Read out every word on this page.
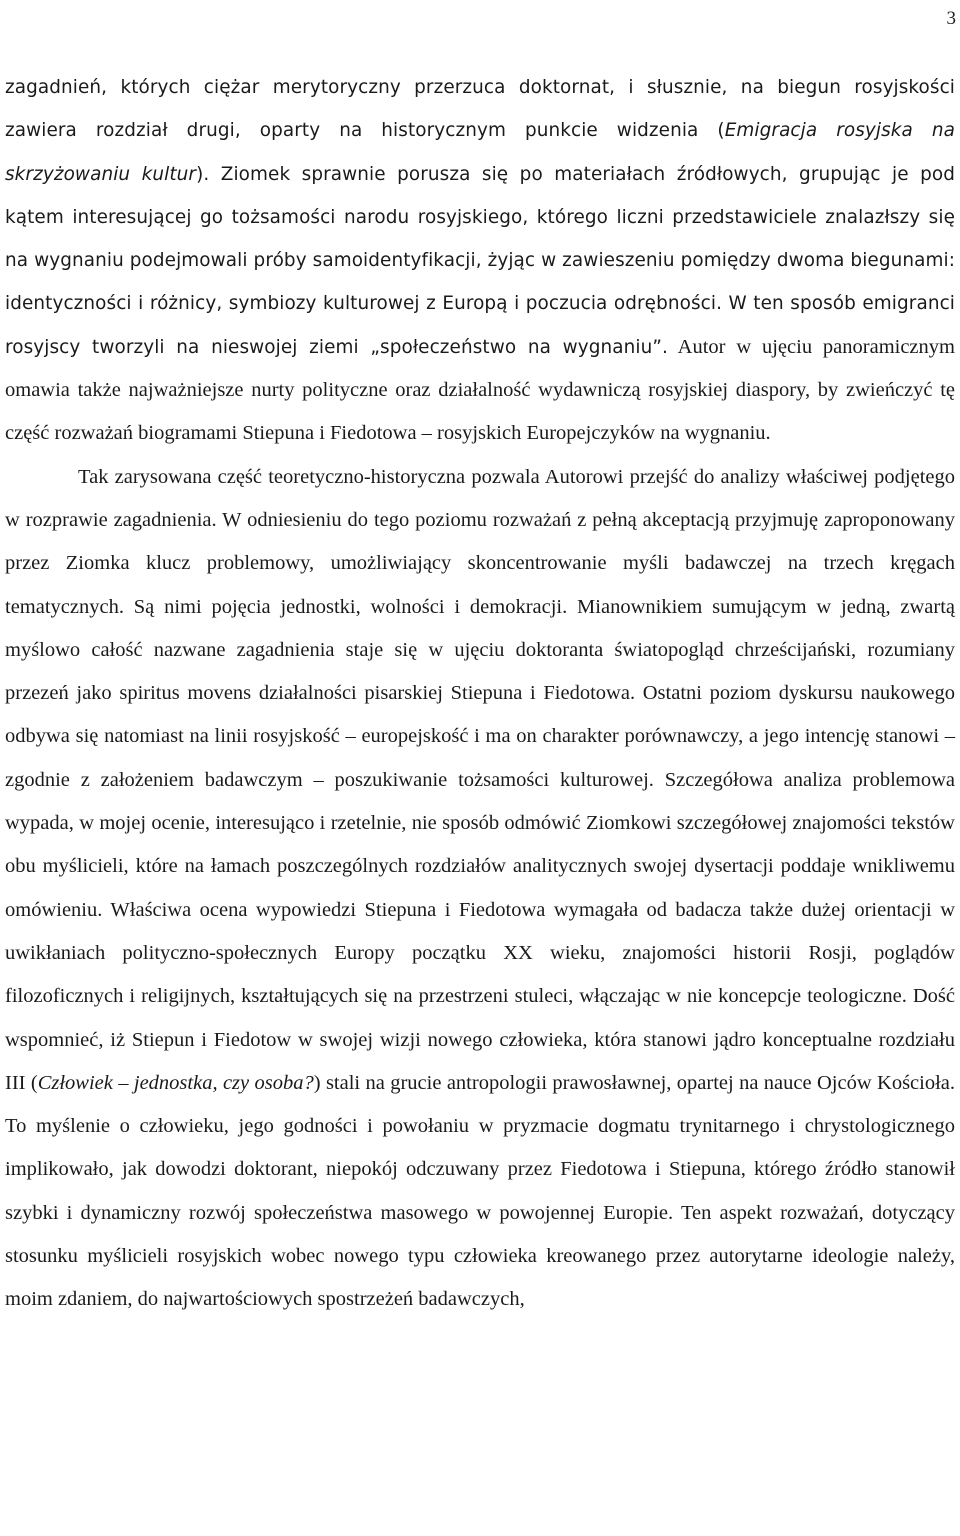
3

zagadnień, których ciężar merytoryczny przerzuca doktornat, i słusznie, na biegun rosyjskości zawiera rozdział drugi, oparty na historycznym punkcie widzenia (Emigracja rosyjska na skrzyżowaniu kultur). Ziomek sprawnie porusza się po materiałach źródłowych, grupując je pod kątem interesującej go tożsamości narodu rosyjskiego, którego liczni przedstawiciele znalazłszy się na wygnaniu podejmowali próby samoidentyfikacji, żyjąc w zawieszeniu pomiędzy dwoma biegunami: identyczności i różnicy, symbiozy kulturowej z Europą i poczucia odrębności. W ten sposób emigranci rosyjscy tworzyli na nieswojej ziemi „społeczeństwo na wygnaniu”. Autor w ujęciu panoramicznym omawia także najważniejsze nurty polityczne oraz działalność wydawniczą rosyjskiej diaspory, by zwieńczyć tę część rozważań biogramami Stiepuna i Fiedotowa – rosyjskich Europejczyków na wygnaniu.

Tak zarysowana część teoretyczno-historyczna pozwala Autorowi przejść do analizy właściwej podjętego w rozprawie zagadnienia. W odniesieniu do tego poziomu rozważań z pełną akceptacją przyjmuję zaproponowany przez Ziomka klucz problemowy, umożliwiający skoncentrowanie myśli badawczej na trzech kręgach tematycznych. Są nimi pojęcia jednostki, wolności i demokracji. Mianownikiem sumującym w jedną, zwartą myślowo całość nazwane zagadnienia staje się w ujęciu doktoranta światopogląd chrześcijański, rozumiany przezeń jako spiritus movens działalności pisarskiej Stiepuna i Fiedotowa. Ostatni poziom dyskursu naukowego odbywa się natomiast na linii rosyjskość – europejskość i ma on charakter porównawczy, a jego intencję stanowi – zgodnie z założeniem badawczym – poszukiwanie tożsamości kulturowej. Szczegółowa analiza problemowa wypada, w mojej ocenie, interesująco i rzetelnie, nie sposób odmówić Ziomkowi szczegółowej znajomości tekstów obu myślicieli, które na łamach poszczególnych rozdziałów analitycznych swojej dysertacji poddaje wnikliwemu omówieniu. Właściwa ocena wypowiedzi Stiepuna i Fiedotowa wymagała od badacza także dużej orientacji w uwikłaniach polityczno-społecznych Europy początku XX wieku, znajomości historii Rosji, poglądów filozoficznych i religijnych, kształtujących się na przestrzeni stuleci, włączając w nie koncepcje teologiczne. Dość wspomnieć, iż Stiepun i Fiedotow w swojej wizji nowego człowieka, która stanowi jądro konceptualne rozdziału III (Człowiek – jednostka, czy osoba?) stali na grucie antropologii prawosławnej, opartej na nauce Ojców Kościoła. To myślenie o człowieku, jego godności i powołaniu w pryzmacie dogmatu trynitarnego i chrystologicznego implikowało, jak dowodzi doktorant, niepokój odczuwany przez Fiedotowa i Stiepuna, którego źródło stanowił szybki i dynamiczny rozwój społeczeństwa masowego w powojennej Europie. Ten aspekt rozważań, dotyczący stosunku myślicieli rosyjskich wobec nowego typu człowieka kreowanego przez autorytarne ideologie należy, moim zdaniem, do najwartościowych spostrzeżeń badawczych,
